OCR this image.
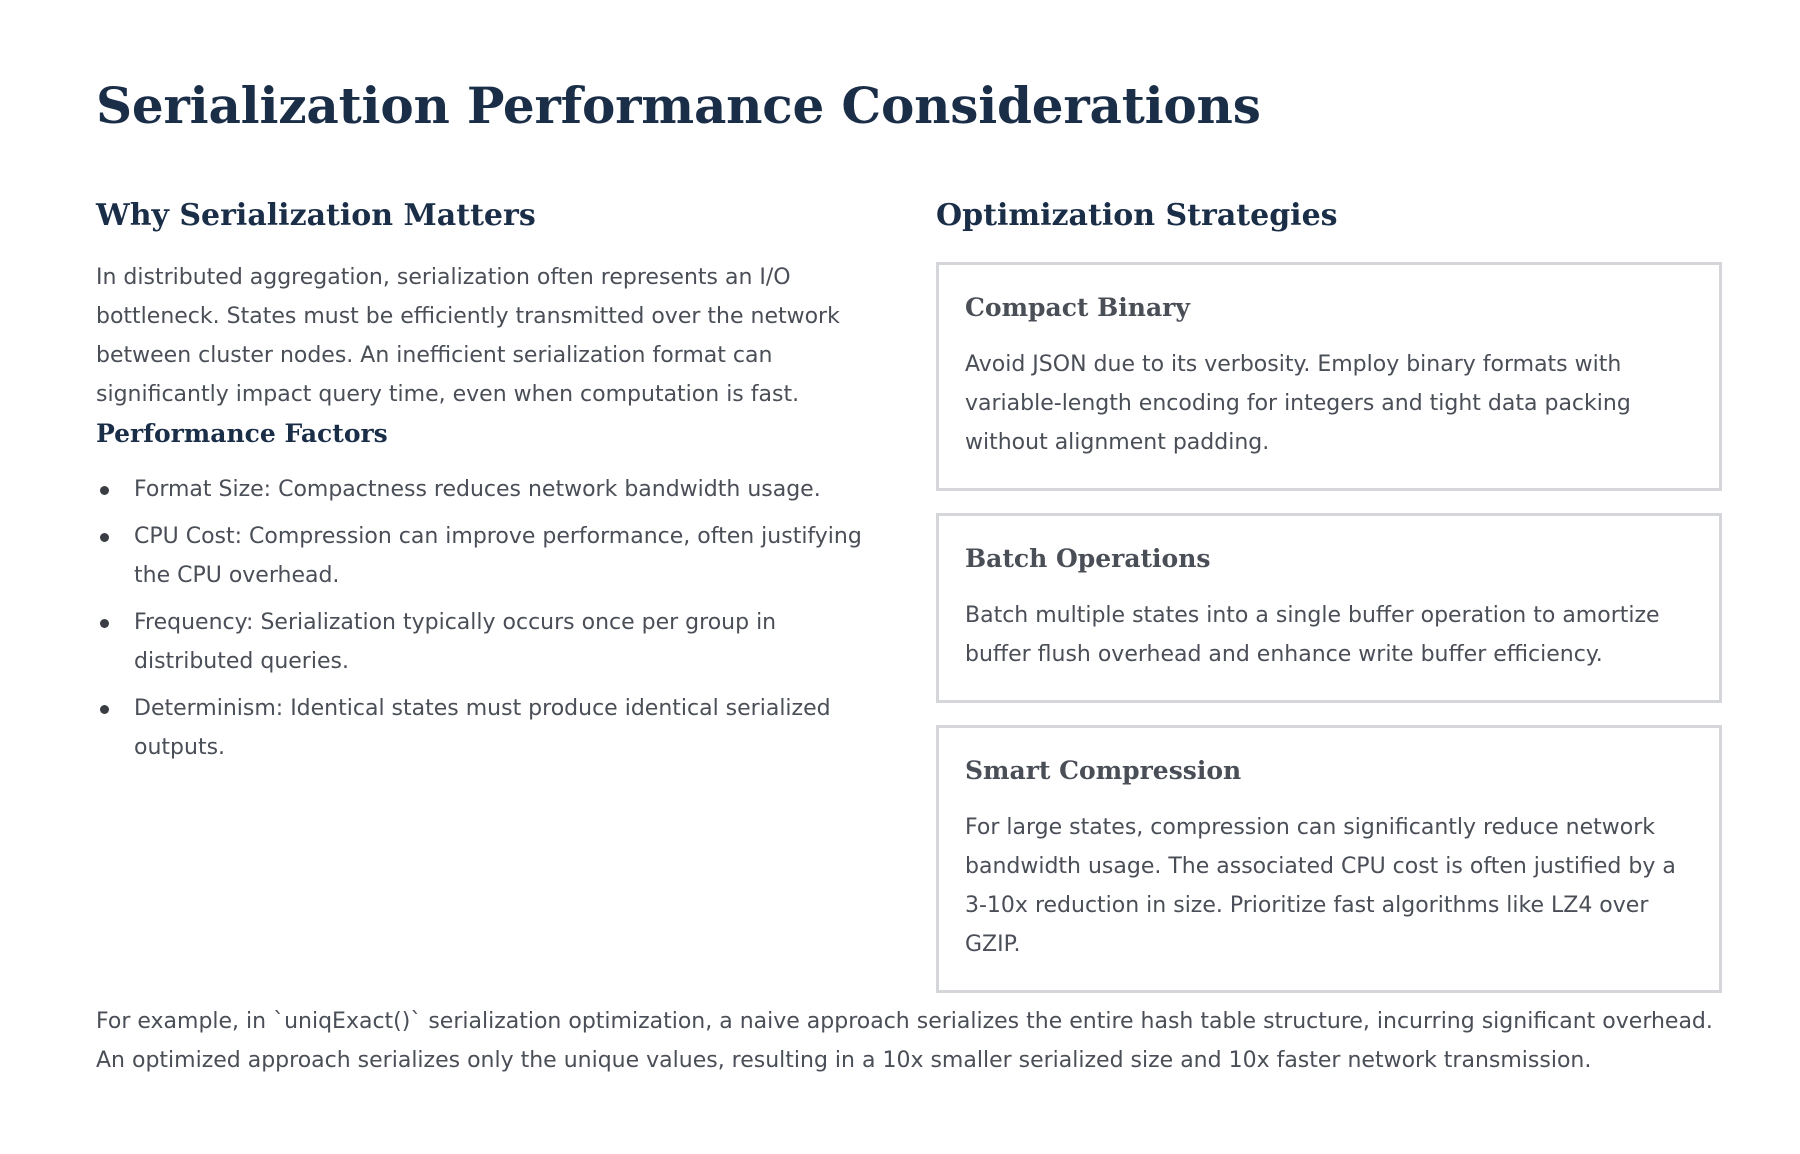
Serialization Performance Considerations
Why Serialization Matters

In distributed aggregation, serialization often represents an I/O bottleneck. States must be efficiently transmitted over the network between cluster nodes. An inefficient serialization format can significantly impact query time, even when computation is fast.

Performance Factors
Format Size: Compactness reduces network bandwidth usage.
CPU Cost: Compression can improve performance, often justifying the CPU overhead.
Frequency: Serialization typically occurs once per group in distributed queries.
Determinism: Identical states must produce identical serialized outputs.
Optimization Strategies
Compact Binary

Avoid JSON due to its verbosity. Employ binary formats with variable-length encoding for integers and tight data packing without alignment padding.

Batch Operations

Batch multiple states into a single buffer operation to amortize buffer flush overhead and enhance write buffer efficiency.

Smart Compression

For large states, compression can significantly reduce network bandwidth usage. The associated CPU cost is often justified by a 3-10x reduction in size. Prioritize fast algorithms like LZ4 over GZIP.

For example, in `uniqExact()` serialization optimization, a naive approach serializes the entire hash table structure, incurring significant overhead. An optimized approach serializes only the unique values, resulting in a 10x smaller serialized size and 10x faster network transmission.
